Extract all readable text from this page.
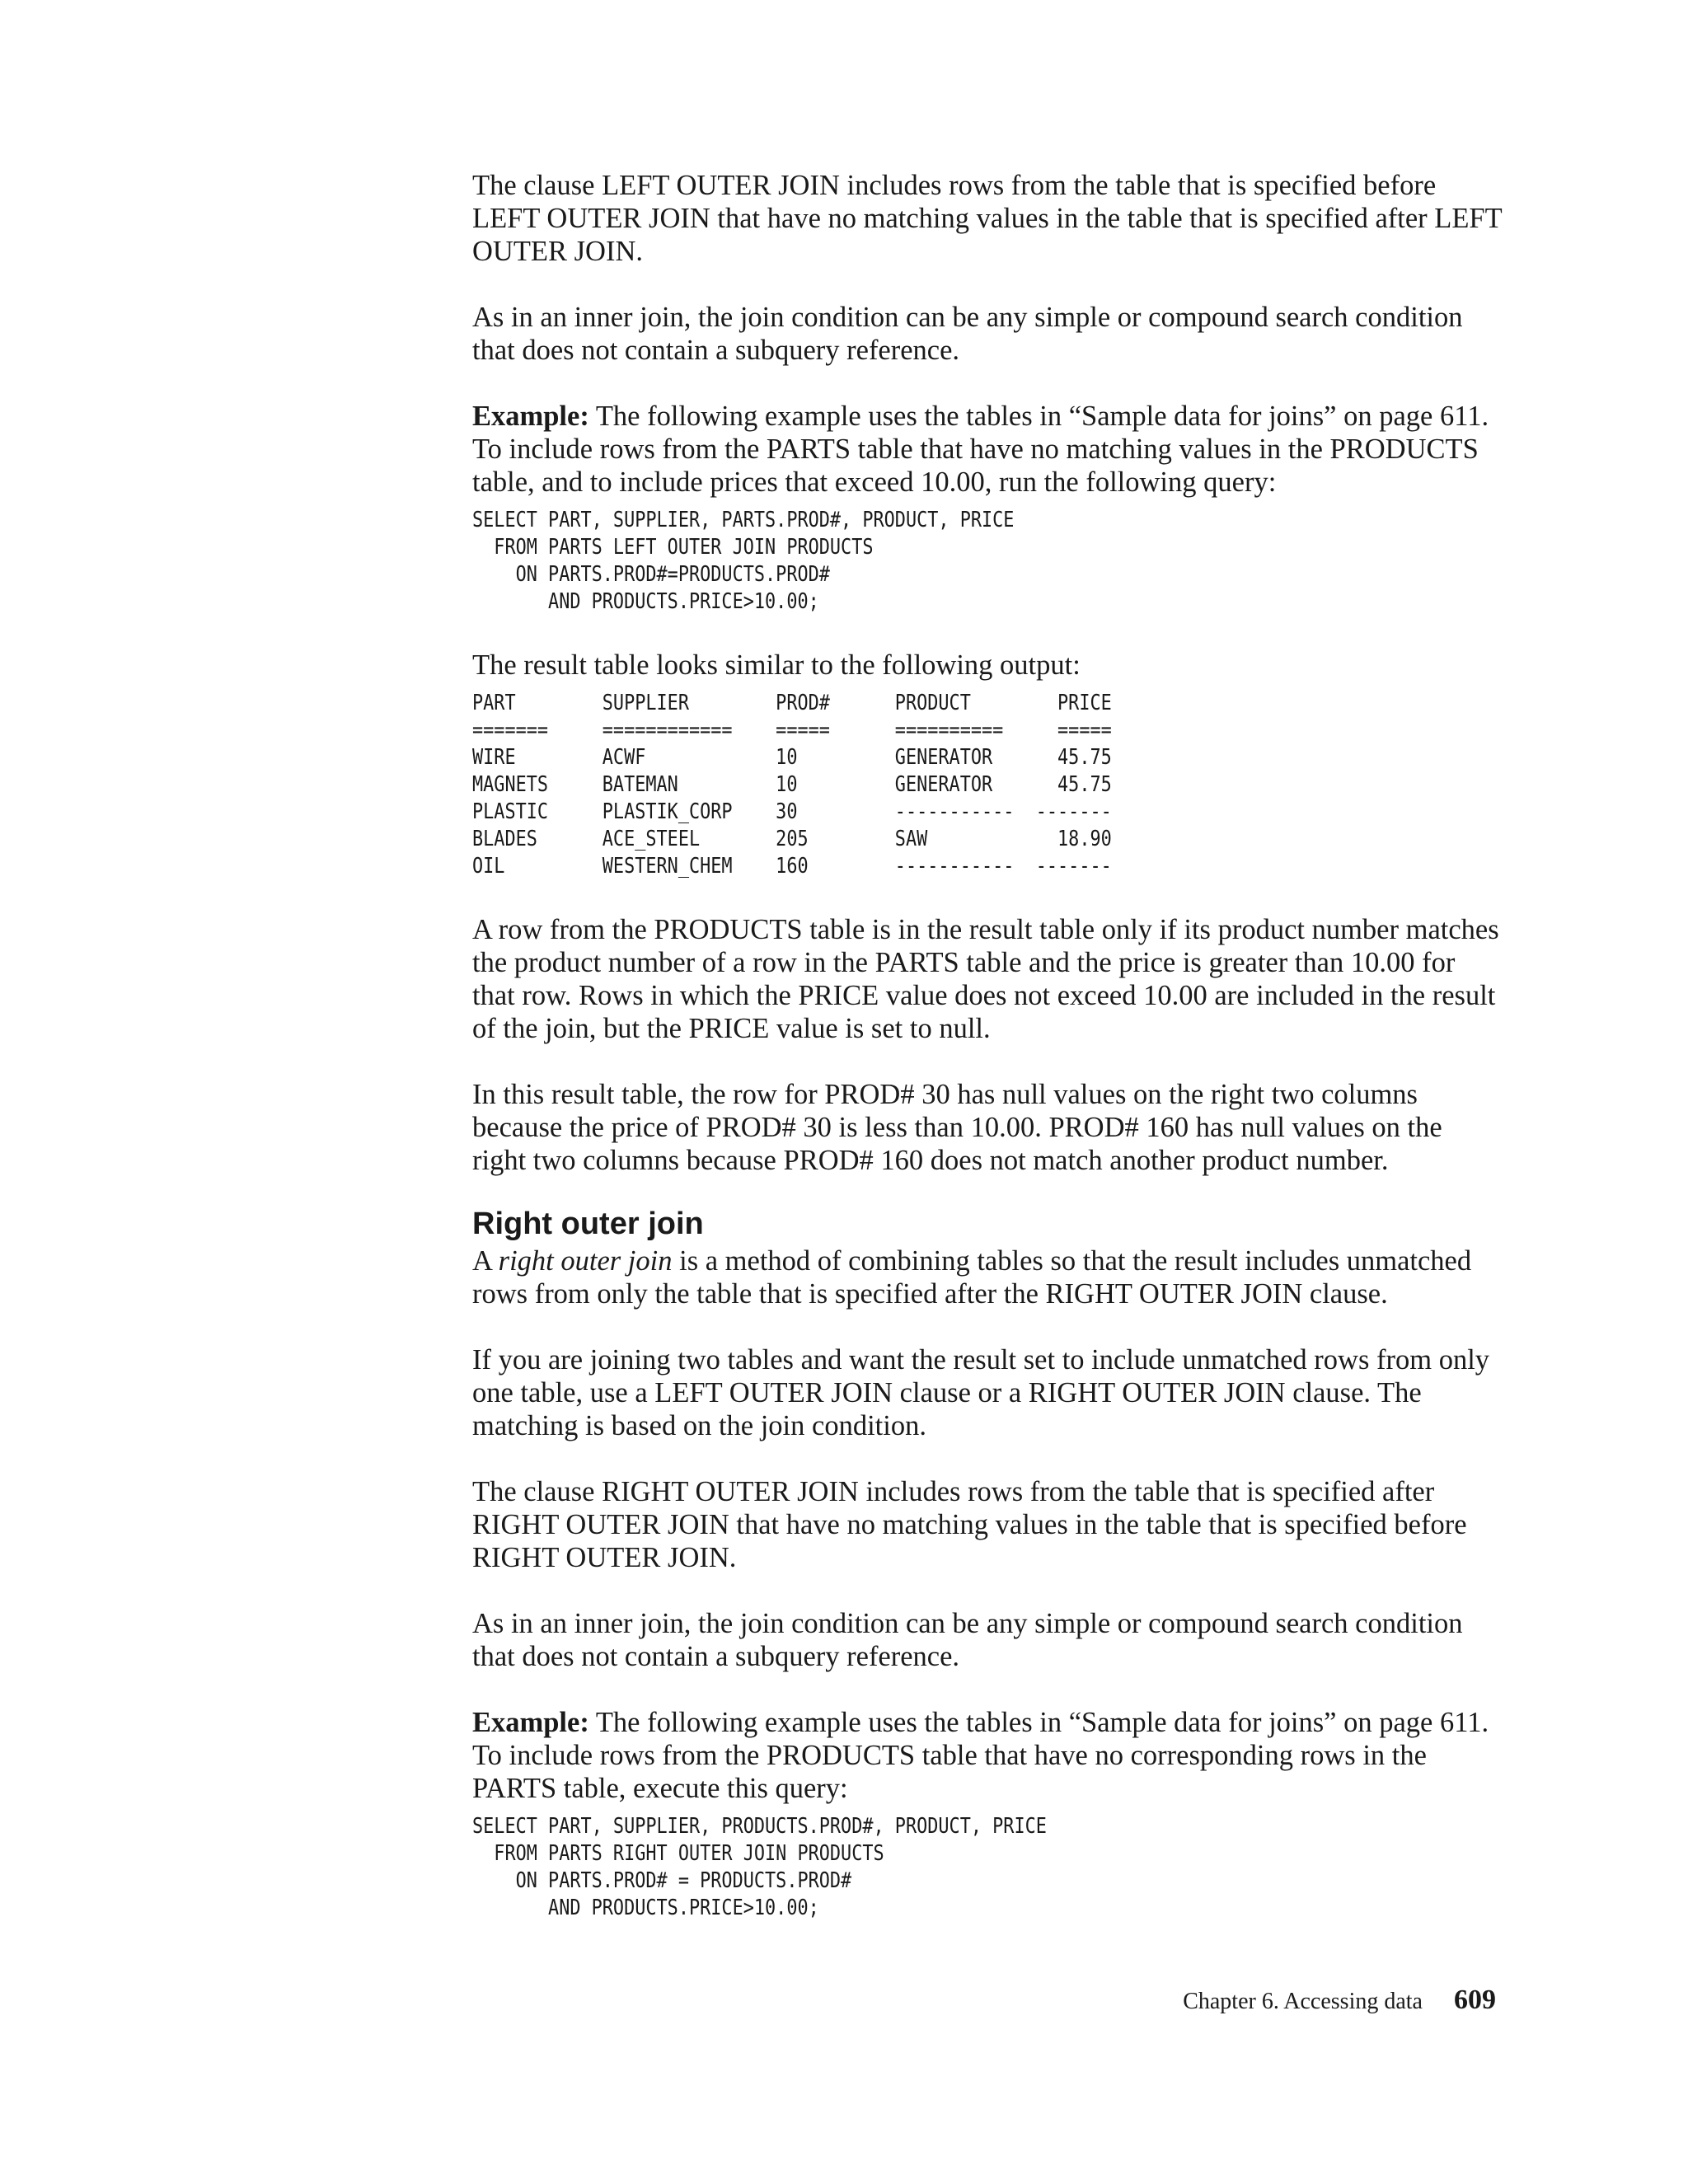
The clause LEFT OUTER JOIN includes rows from the table that is specified before LEFT OUTER JOIN that have no matching values in the table that is specified after LEFT OUTER JOIN.

As in an inner join, the join condition can be any simple or compound search condition that does not contain a subquery reference.

Example: The following example uses the tables in “Sample data for joins” on page 611. To include rows from the PARTS table that have no matching values in the PRODUCTS table, and to include prices that exceed 10.00, run the following query:

SELECT PART, SUPPLIER, PARTS.PROD#, PRODUCT, PRICE
FROM PARTS LEFT OUTER JOIN PRODUCTS
ON PARTS.PROD#=PRODUCTS.PROD#
AND PRODUCTS.PRICE>10.00;

The result table looks similar to the following output:

PART        SUPPLIER        PROD#      PRODUCT        PRICE
=======     ============    =====      ==========     =====
WIRE        ACWF            10         GENERATOR      45.75
MAGNETS     BATEMAN         10         GENERATOR      45.75
PLASTIC     PLASTIK_CORP    30         -----------  -------
BLADES      ACE_STEEL       205        SAW            18.90
OIL         WESTERN_CHEM    160        -----------  -------

A row from the PRODUCTS table is in the result table only if its product number matches the product number of a row in the PARTS table and the price is greater than 10.00 for that row. Rows in which the PRICE value does not exceed 10.00 are included in the result of the join, but the PRICE value is set to null.

In this result table, the row for PROD# 30 has null values on the right two columns because the price of PROD# 30 is less than 10.00. PROD# 160 has null values on the right two columns because PROD# 160 does not match another product number.

Right outer join

A right outer join is a method of combining tables so that the result includes unmatched rows from only the table that is specified after the RIGHT OUTER JOIN clause.

If you are joining two tables and want the result set to include unmatched rows from only one table, use a LEFT OUTER JOIN clause or a RIGHT OUTER JOIN clause. The matching is based on the join condition.

The clause RIGHT OUTER JOIN includes rows from the table that is specified after RIGHT OUTER JOIN that have no matching values in the table that is specified before RIGHT OUTER JOIN.

As in an inner join, the join condition can be any simple or compound search condition that does not contain a subquery reference.

Example: The following example uses the tables in “Sample data for joins” on page 611. To include rows from the PRODUCTS table that have no corresponding rows in the PARTS table, execute this query:

SELECT PART, SUPPLIER, PRODUCTS.PROD#, PRODUCT, PRICE
FROM PARTS RIGHT OUTER JOIN PRODUCTS
ON PARTS.PROD# = PRODUCTS.PROD#
AND PRODUCTS.PRICE>10.00;
Chapter 6. Accessing data 609
